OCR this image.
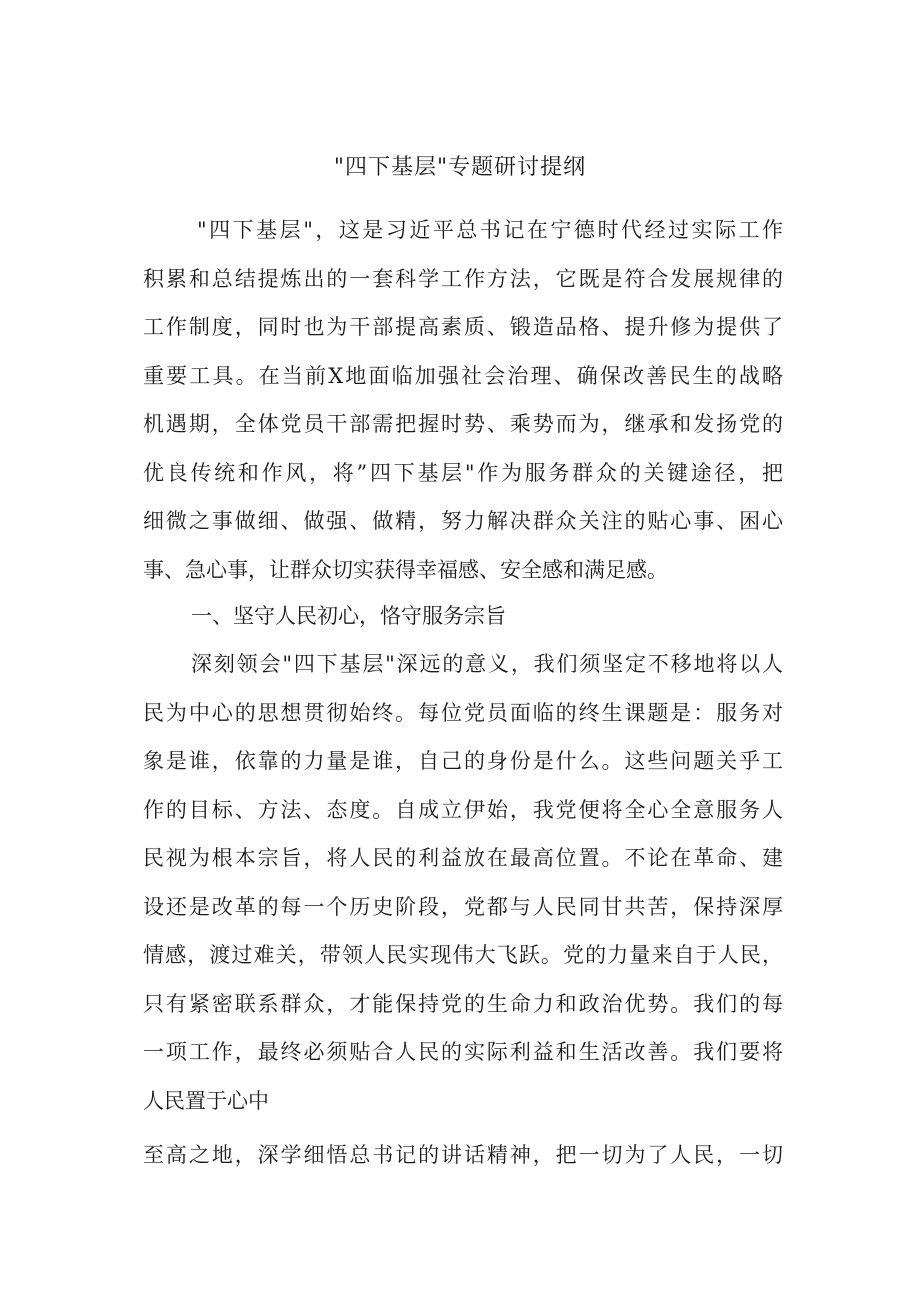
"四下基层"专题研讨提纲
"四下基层"，这是习近平总书记在宁德时代经过实际工作
积累和总结提炼出的一套科学工作方法，它既是符合发展规律的
工作制度，同时也为干部提高素质、锻造品格、提升修为提供了
重要工具。在当前X地面临加强社会治理、确保改善民生的战略
机遇期，全体党员干部需把握时势、乘势而为，继承和发扬党的
优良传统和作风，将”四下基层"作为服务群众的关键途径，把
细微之事做细、做强、做精，努力解决群众关注的贴心事、困心
事、急心事，让群众切实获得幸福感、安全感和满足感。
一、坚守人民初心，恪守服务宗旨
深刻领会"四下基层"深远的意义，我们须坚定不移地将以人
民为中心的思想贯彻始终。每位党员面临的终生课题是：服务对
象是谁，依靠的力量是谁，自己的身份是什么。这些问题关乎工
作的目标、方法、态度。自成立伊始，我党便将全心全意服务人
民视为根本宗旨，将人民的利益放在最高位置。不论在革命、建
设还是改革的每一个历史阶段，党都与人民同甘共苦，保持深厚
情感，渡过难关，带领人民实现伟大飞跃。党的力量来自于人民，
只有紧密联系群众，才能保持党的生命力和政治优势。我们的每
一项工作，最终必须贴合人民的实际利益和生活改善。我们要将
人民置于心中
至高之地，深学细悟总书记的讲话精神，把一切为了人民，一切
